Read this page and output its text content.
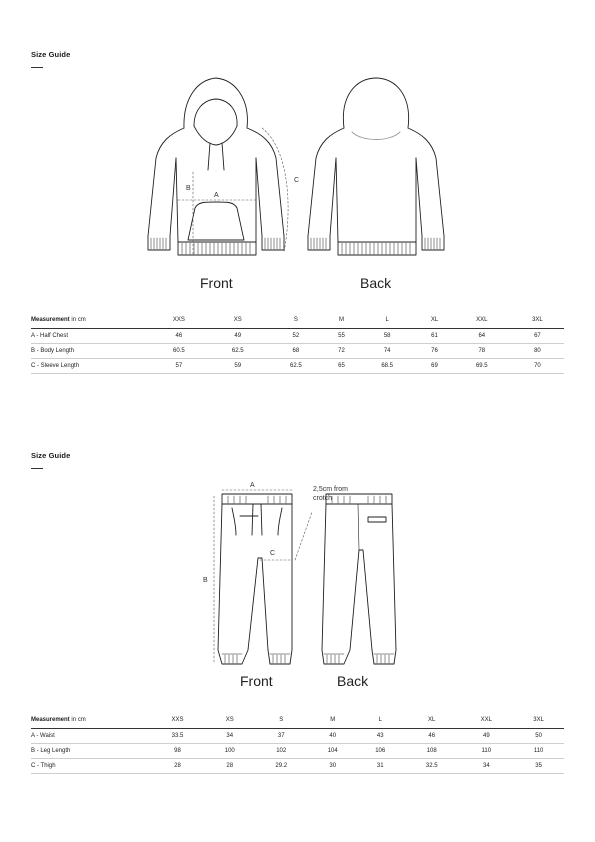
Size Guide
A
B
C
Front	Back
Measurement in cm	XXS	XS	S	M	L	XL	XXL	3XL
A - Half Chest	46	49	52	55	58	61	64	67
B - Body Length	60.5	62.5	68	72	74	76	78	80
C - Sleeve Length	57	59	62.5	65	68.5	69	69.5	70
Size Guide
A
B
C
2,5cm from
crotch
Front	Back
Measurement in cm	XXS	XS	S	M	L	XL	XXL	3XL
A - Waist	33.5	34	37	40	43	46	49	50
B - Leg Length	98	100	102	104	106	108	110	110
C - Thigh	28	28	29.2	30	31	32.5	34	35
